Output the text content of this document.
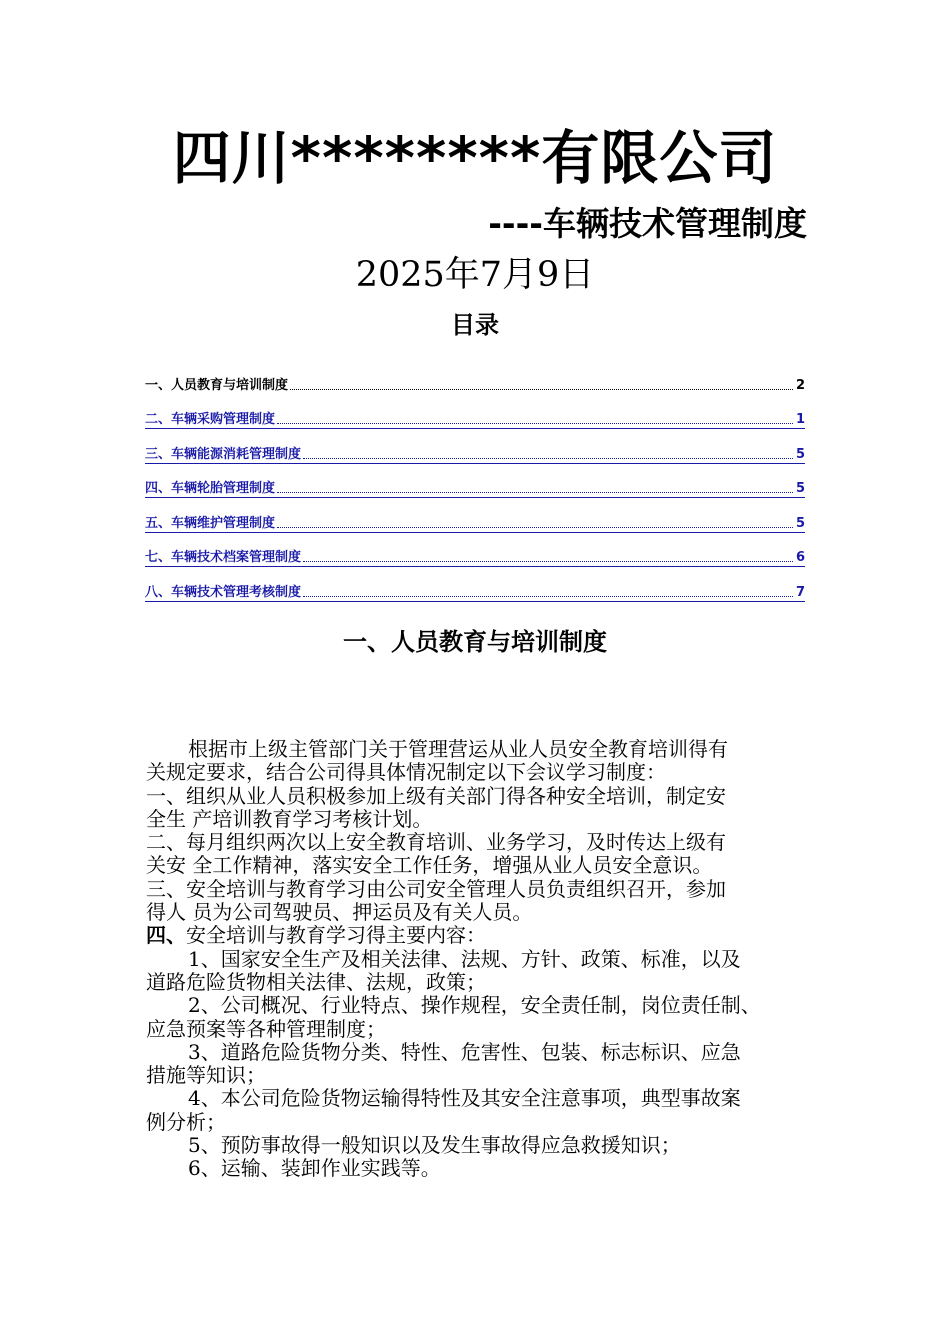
四川********有限公司
----车辆技术管理制度
2025年7月9日
目录
一、人员教育与培训制度	2
二、车辆采购管理制度	1
三、车辆能源消耗管理制度	5
四、车辆轮胎管理制度	5
五、车辆维护管理制度	5
七、车辆技术档案管理制度	6
八、车辆技术管理考核制度	7
一、人员教育与培训制度

根据市上级主管部门关于管理营运从业人员安全教育培训得有

关规定要求，结合公司得具体情况制定以下会议学习制度：

一、组织从业人员积极参加上级有关部门得各种安全培训，制定安

全生 产培训教育学习考核计划。

二、每月组织两次以上安全教育培训、业务学习，及时传达上级有

关安 全工作精神，落实安全工作任务，增强从业人员安全意识。

三、安全培训与教育学习由公司安全管理人员负责组织召开，参加

得人 员为公司驾驶员、押运员及有关人员。

四、安全培训与教育学习得主要内容：

1、国家安全生产及相关法律、法规、方针、政策、标准，以及

道路危险货物相关法律、法规，政策；

2、公司概况、行业特点、操作规程，安全责任制，岗位责任制、

应急预案等各种管理制度；

3、道路危险货物分类、特性、危害性、包装、标志标识、应急

措施等知识；

4、本公司危险货物运输得特性及其安全注意事项，典型事故案

例分析；

5、预防事故得一般知识以及发生事故得应急救援知识；

6、运输、装卸作业实践等。
